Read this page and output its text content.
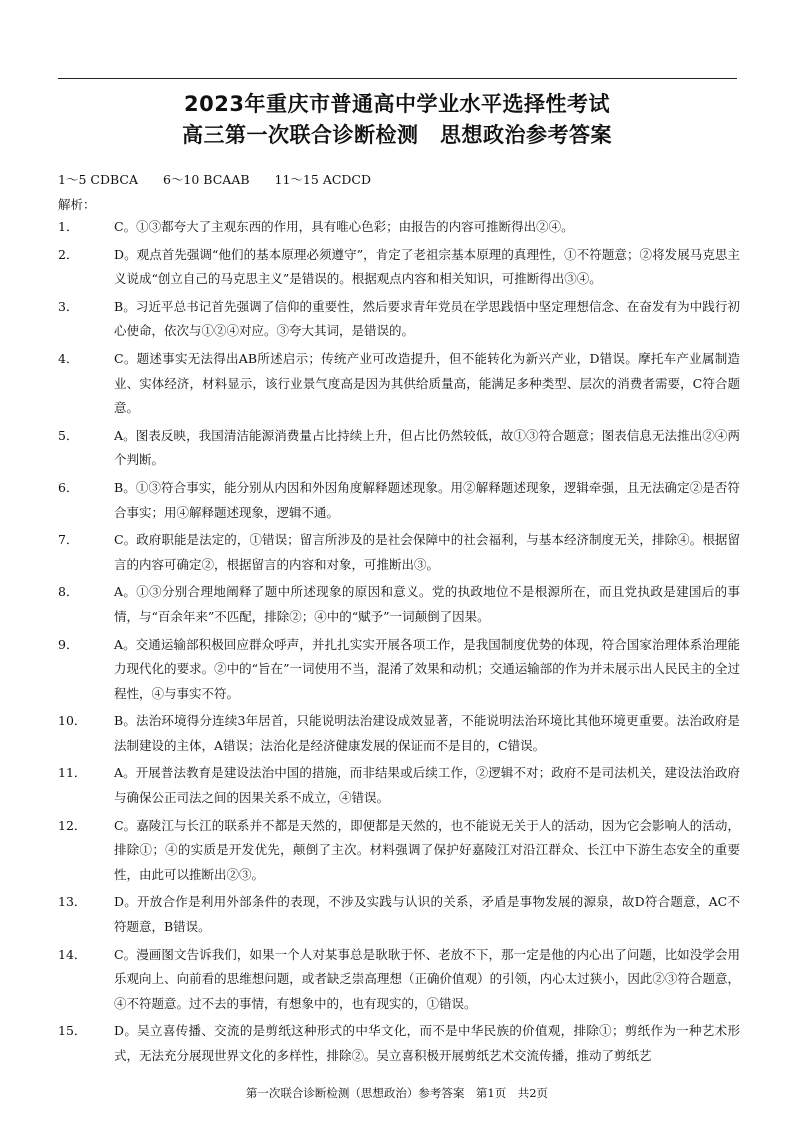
2023年重庆市普通高中学业水平选择性考试
高三第一次联合诊断检测　思想政治参考答案
1～5 CDBCA　　6～10 BCAAB　　11～15 ACDCD
解析：
1．	C。①③都夸大了主观东西的作用，具有唯心色彩；由报告的内容可推断得出②④。
2．	D。观点首先强调“他们的基本原理必须遵守”，肯定了老祖宗基本原理的真理性，①不符题意；②将发展马克思主义说成“创立自己的马克思主义”是错误的。根据观点内容和相关知识，可推断得出③④。
3．	B。习近平总书记首先强调了信仰的重要性，然后要求青年党员在学思践悟中坚定理想信念、在奋发有为中践行初心使命，依次与①②④对应。③夸大其词，是错误的。
4．	C。题述事实无法得出AB所述启示；传统产业可改造提升，但不能转化为新兴产业，D错误。摩托车产业属制造业、实体经济，材料显示，该行业景气度高是因为其供给质量高，能满足多种类型、层次的消费者需要，C符合题意。
5．	A。图表反映，我国清洁能源消费量占比持续上升，但占比仍然较低，故①③符合题意；图表信息无法推出②④两个判断。
6．	B。①③符合事实，能分别从内因和外因角度解释题述现象。用②解释题述现象，逻辑牵强，且无法确定②是否符合事实；用④解释题述现象，逻辑不通。
7．	C。政府职能是法定的，①错误；留言所涉及的是社会保障中的社会福利，与基本经济制度无关，排除④。根据留言的内容可确定②，根据留言的内容和对象，可推断出③。
8．	A。①③分别合理地阐释了题中所述现象的原因和意义。党的执政地位不是根源所在，而且党执政是建国后的事情，与“百余年来”不匹配，排除②；④中的“赋予”一词颠倒了因果。
9．	A。交通运输部积极回应群众呼声，并扎扎实实开展各项工作，是我国制度优势的体现，符合国家治理体系治理能力现代化的要求。②中的“旨在”一词使用不当，混淆了效果和动机；交通运输部的作为并未展示出人民民主的全过程性，④与事实不符。
10．	B。法治环境得分连续3年居首，只能说明法治建设成效显著，不能说明法治环境比其他环境更重要。法治政府是法制建设的主体，A错误；法治化是经济健康发展的保证而不是目的，C错误。
11．	A。开展普法教育是建设法治中国的措施，而非结果或后续工作，②逻辑不对；政府不是司法机关，建设法治政府与确保公正司法之间的因果关系不成立，④错误。
12．	C。嘉陵江与长江的联系并不都是天然的，即便都是天然的，也不能说无关于人的活动，因为它会影响人的活动，排除①；④的实质是开发优先，颠倒了主次。材料强调了保护好嘉陵江对沿江群众、长江中下游生态安全的重要性，由此可以推断出②③。
13．	D。开放合作是利用外部条件的表现，不涉及实践与认识的关系，矛盾是事物发展的源泉，故D符合题意，AC不符题意，B错误。
14．	C。漫画图文告诉我们，如果一个人对某事总是耿耿于怀、老放不下，那一定是他的内心出了问题，比如没学会用乐观向上、向前看的思维想问题，或者缺乏崇高理想（正确价值观）的引领，内心太过狭小，因此②③符合题意，④不符题意。过不去的事情，有想象中的，也有现实的，①错误。
15．	D。吴立喜传播、交流的是剪纸这种形式的中华文化，而不是中华民族的价值观，排除①；剪纸作为一种艺术形式，无法充分展现世界文化的多样性，排除②。吴立喜积极开展剪纸艺术交流传播，推动了剪纸艺
第一次联合诊断检测（思想政治）参考答案　第1页　共2页
